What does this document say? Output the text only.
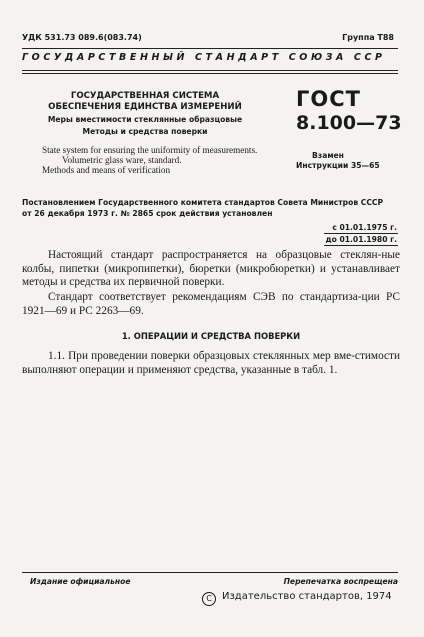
УДК 531.73 089.6(083.74)	Группа Т88
ГОСУДАРСТВЕННЫЙ СТАНДАРТ СОЮЗА ССР
ГОСУДАРСТВЕННАЯ СИСТЕМА
ОБЕСПЕЧЕНИЯ ЕДИНСТВА ИЗМЕРЕНИЙ
Меры вместимости стеклянные образцовые
Методы и средства поверки
ГОСТ
8.100—73
State system for ensuring the uniformity of measurements.
Volumetric glass ware, standard.
Methods and means of verification
Взамен
Инструкции 35—65
Постановлением Государственного комитета стандартов Совета Министров СССР
от 26 декабря 1973 г. № 2865 срок действия установлен
с 01.01.1975 г.
до 01.01.1980 г.
Настоящий стандарт распространяется на образцовые стеклян-ные колбы, пипетки (микропипетки), бюретки (микробюретки) и устанавливает методы и средства их первичной поверки.
Стандарт соответствует рекомендациям СЭВ по стандартиза-ции РС 1921—69 и РС 2263—69.
1. ОПЕРАЦИИ И СРЕДСТВА ПОВЕРКИ
1.1. При проведении поверки образцовых стеклянных мер вме-стимости выполняют операции и применяют средства, указанные в табл. 1.
Издание официальное	Перепечатка воспрещена
C Издательство стандартов, 1974
